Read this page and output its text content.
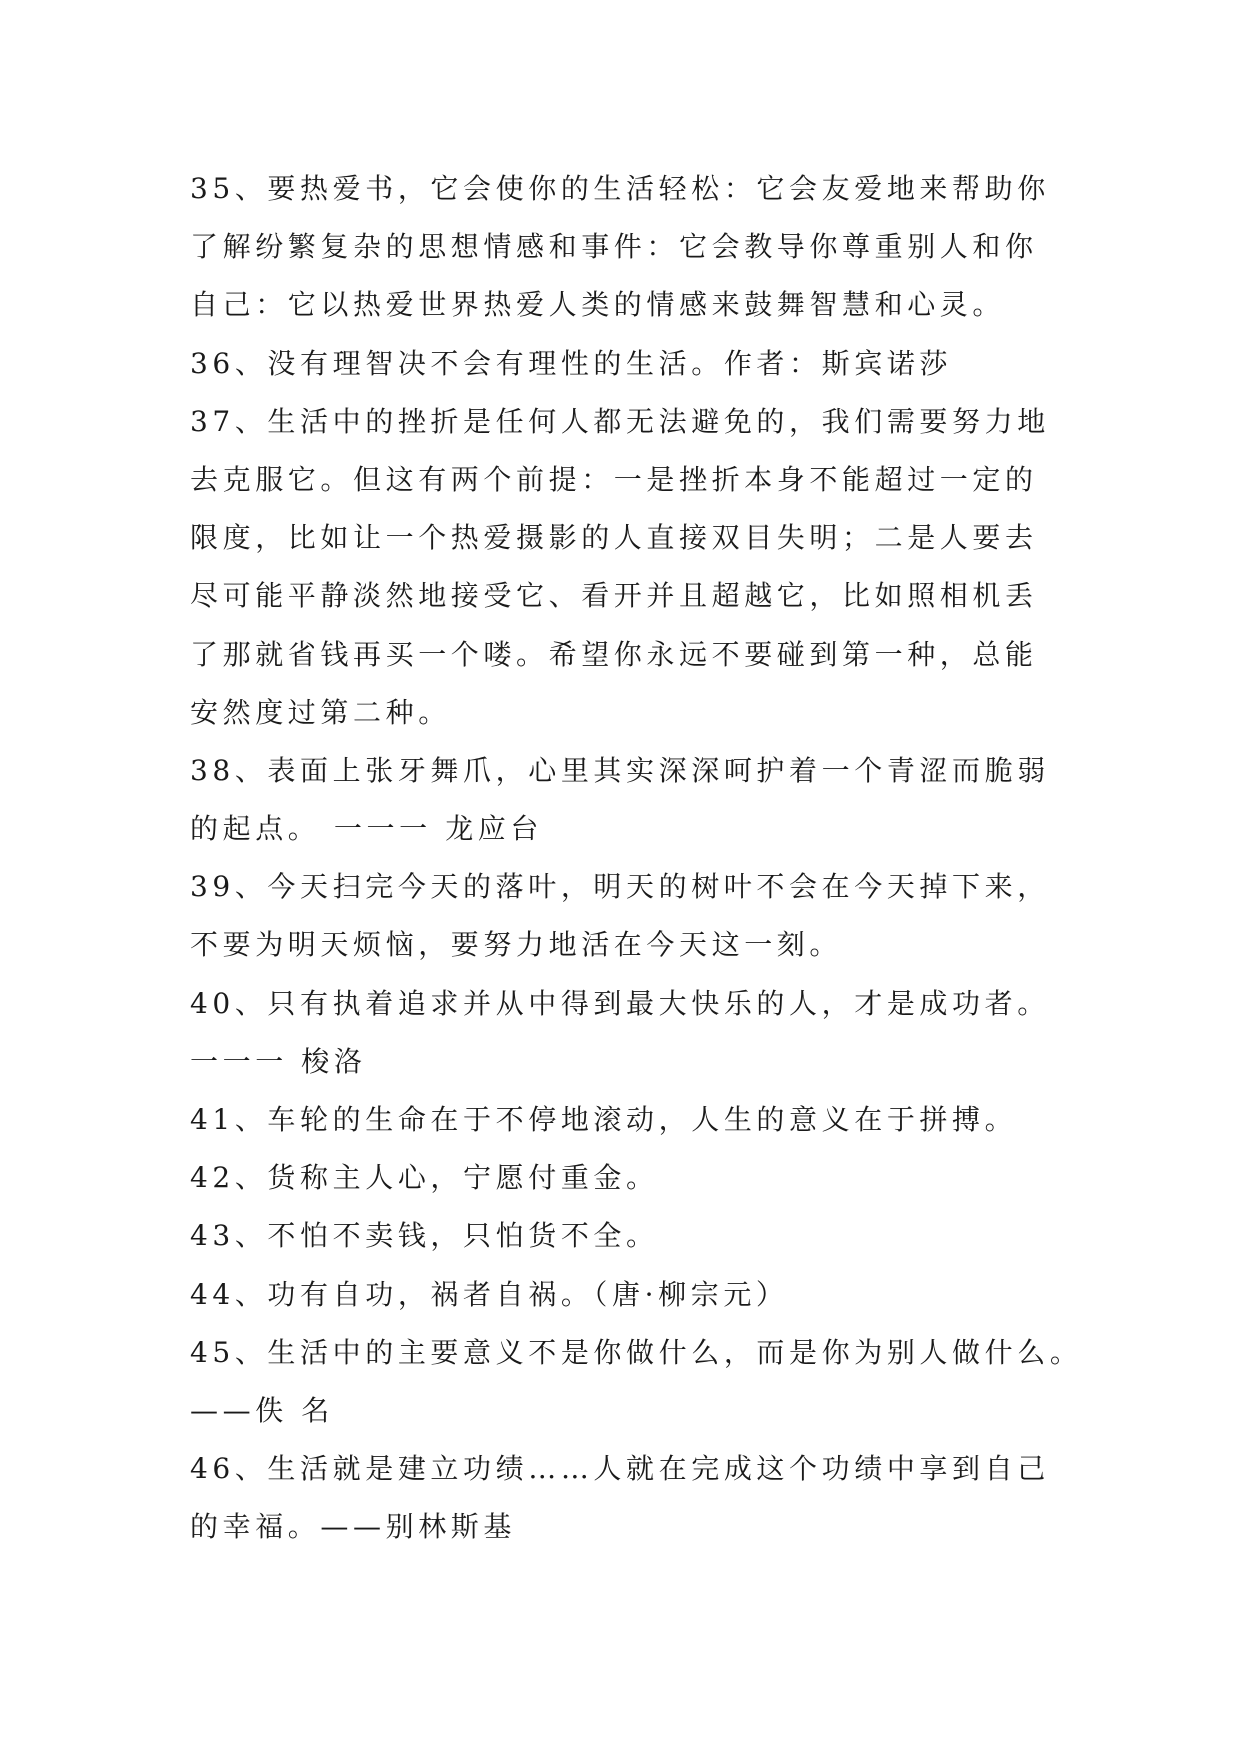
35、要热爱书，它会使你的生活轻松：它会友爱地来帮助你
了解纷繁复杂的思想情感和事件：它会教导你尊重别人和你
自己：它以热爱世界热爱人类的情感来鼓舞智慧和心灵。
36、没有理智决不会有理性的生活。作者：斯宾诺莎
37、生活中的挫折是任何人都无法避免的，我们需要努力地
去克服它。但这有两个前提：一是挫折本身不能超过一定的
限度，比如让一个热爱摄影的人直接双目失明；二是人要去
尽可能平静淡然地接受它、看开并且超越它，比如照相机丢
了那就省钱再买一个喽。希望你永远不要碰到第一种，总能
安然度过第二种。
38、表面上张牙舞爪，心里其实深深呵护着一个青涩而脆弱
的起点。 一一一 龙应台
39、今天扫完今天的落叶，明天的树叶不会在今天掉下来，
不要为明天烦恼，要努力地活在今天这一刻。
40、只有执着追求并从中得到最大快乐的人，才是成功者。
一一一 梭洛
41、车轮的生命在于不停地滚动，人生的意义在于拼搏。
42、货称主人心，宁愿付重金。
43、不怕不卖钱，只怕货不全。
44、功有自功，祸者自祸。（唐·柳宗元）
45、生活中的主要意义不是你做什么，而是你为别人做什么。
——佚 名
46、生活就是建立功绩……人就在完成这个功绩中享到自己
的幸福。——别林斯基
